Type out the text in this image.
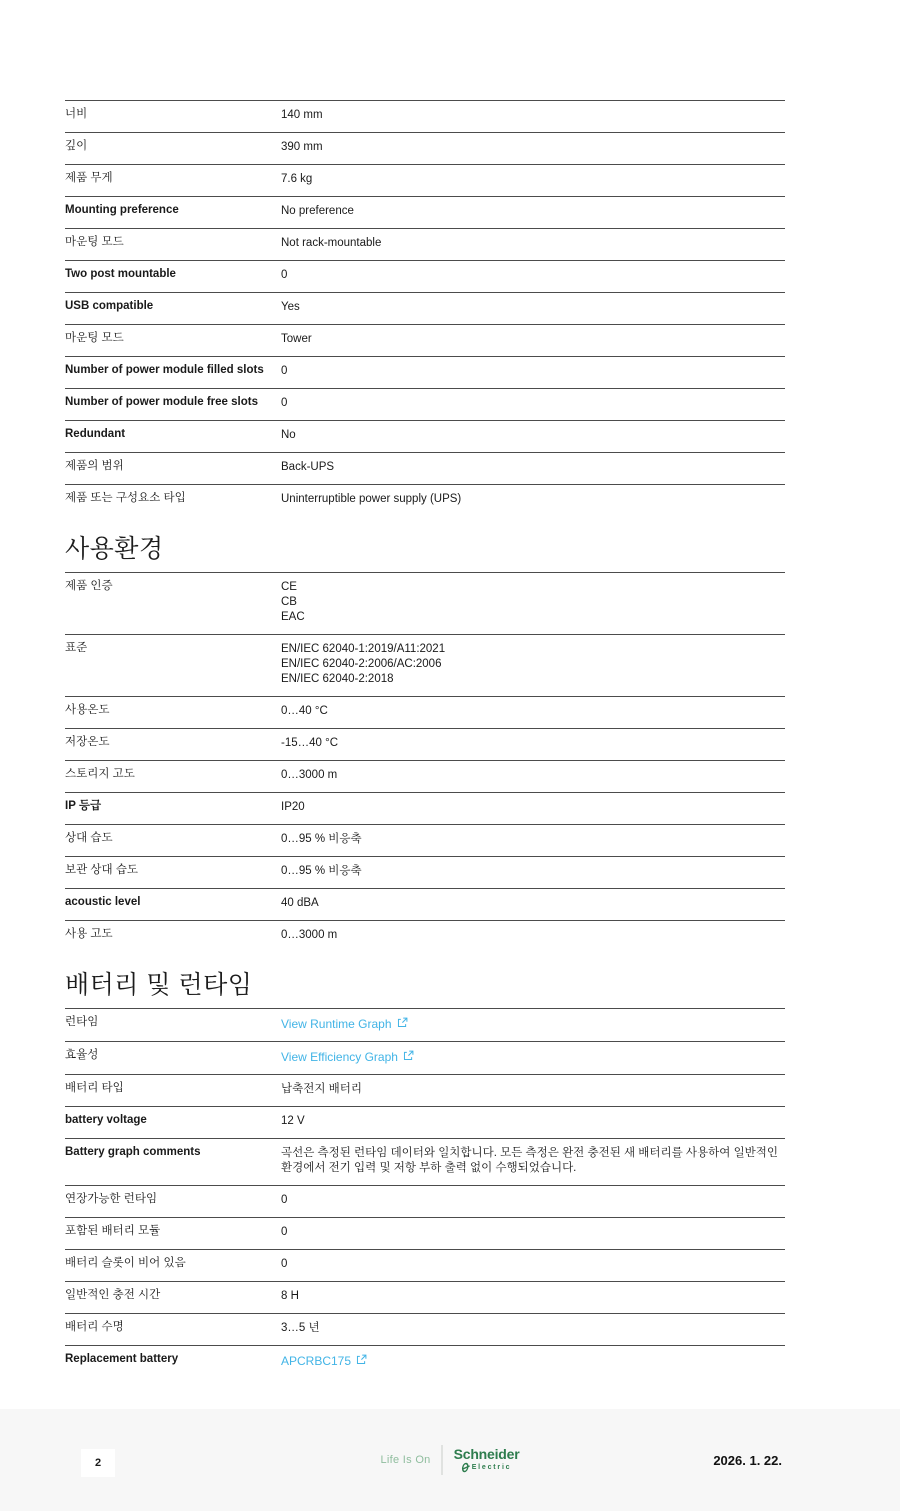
너비	140 mm
깊이	390 mm
제품 무게	7.6 kg
Mounting preference	No preference
마운팅 모드	Not rack-mountable
Two post mountable	0
USB compatible	Yes
마운팅 모드	Tower
Number of power module filled slots	0
Number of power module free slots	0
Redundant	No
제품의 범위	Back-UPS
제품 또는 구성요소 타입	Uninterruptible power supply (UPS)
사용환경
제품 인증	CE
CB
EAC
표준	EN/IEC 62040-1:2019/A11:2021
EN/IEC 62040-2:2006/AC:2006
EN/IEC 62040-2:2018
사용온도	0…40 °C
저장온도	-15…40 °C
스토리지 고도	0…3000 m
IP 등급	IP20
상대 습도	0…95 % 비응축
보관 상대 습도	0…95 % 비응축
acoustic level	40 dBA
사용 고도	0…3000 m
배터리 및 런타임
런타임	View Runtime Graph
효율성	View Efficiency Graph
배터리 타입	납축전지 배터리
battery voltage	12 V
Battery graph comments	곡선은 측정된 런타임 데이터와 일치합니다. 모든 측정은 완전 충전된 새 배터리를 사용하여 일반적인 환경에서 전기 입력 및 저항 부하 출력 없이 수행되었습니다.
연장가능한 런타임	0
포함된 배터리 모듈	0
배터리 슬롯이 비어 있음	0
일반적인 충전 시간	8 H
배터리 수명	3…5 년
Replacement battery	APCRBC175
2	Life Is On Schneider
Electric	2026. 1. 22.
